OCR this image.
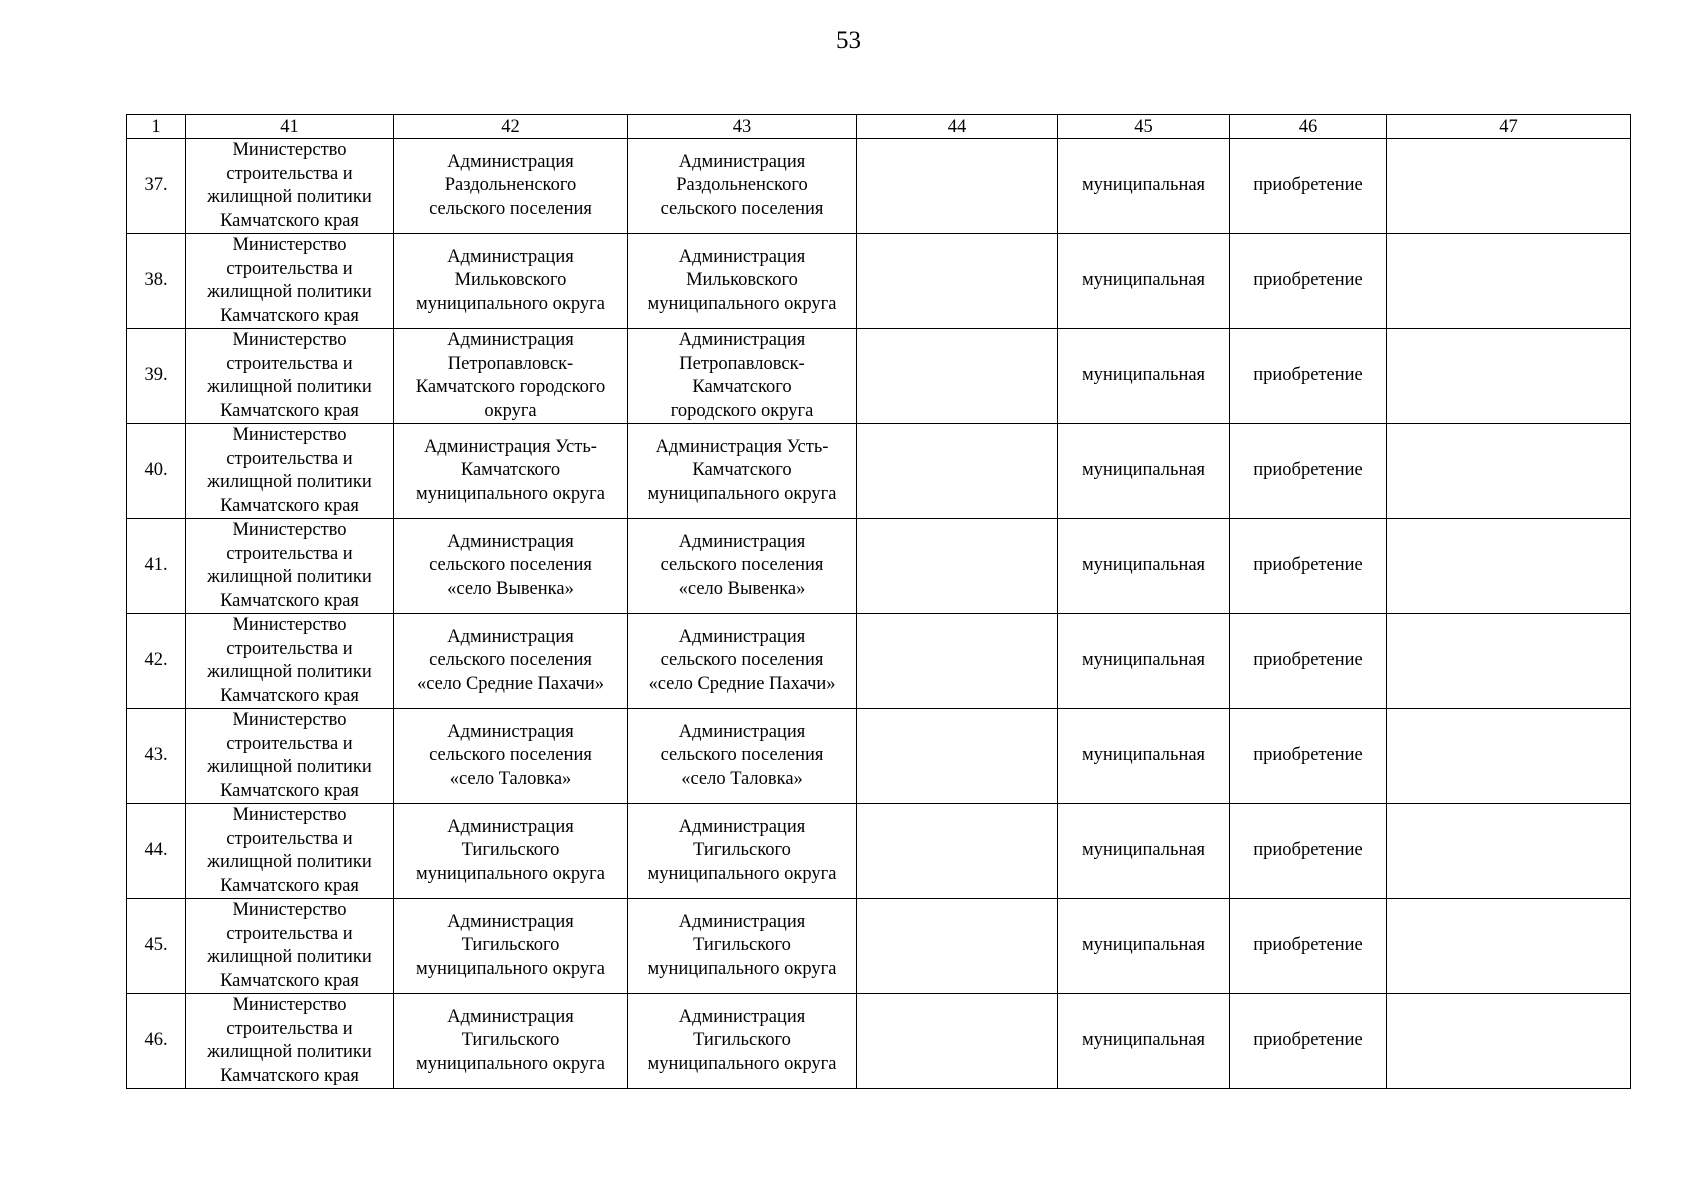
53
1	41	42	43	44	45	46	47
37.	Министерство
строительства и
жилищной политики
Камчатского края	Администрация
Раздольненского
сельского поселения	Администрация
Раздольненского
сельского поселения		муниципальная	приобретение	
38.	Министерство
строительства и
жилищной политики
Камчатского края	Администрация
Мильковского
муниципального округа	Администрация
Мильковского
муниципального округа		муниципальная	приобретение	
39.	Министерство
строительства и
жилищной политики
Камчатского края	Администрация
Петропавловск-
Камчатского городского
округа	Администрация
Петропавловск-
Камчатского
городского округа		муниципальная	приобретение	
40.	Министерство
строительства и
жилищной политики
Камчатского края	Администрация Усть-
Камчатского
муниципального округа	Администрация Усть-
Камчатского
муниципального округа		муниципальная	приобретение	
41.	Министерство
строительства и
жилищной политики
Камчатского края	Администрация
сельского поселения
«село Вывенка»	Администрация
сельского поселения
«село Вывенка»		муниципальная	приобретение	
42.	Министерство
строительства и
жилищной политики
Камчатского края	Администрация
сельского поселения
«село Средние Пахачи»	Администрация
сельского поселения
«село Средние Пахачи»		муниципальная	приобретение	
43.	Министерство
строительства и
жилищной политики
Камчатского края	Администрация
сельского поселения
«село Таловка»	Администрация
сельского поселения
«село Таловка»		муниципальная	приобретение	
44.	Министерство
строительства и
жилищной политики
Камчатского края	Администрация
Тигильского
муниципального округа	Администрация
Тигильского
муниципального округа		муниципальная	приобретение	
45.	Министерство
строительства и
жилищной политики
Камчатского края	Администрация
Тигильского
муниципального округа	Администрация
Тигильского
муниципального округа		муниципальная	приобретение	
46.	Министерство
строительства и
жилищной политики
Камчатского края	Администрация
Тигильского
муниципального округа	Администрация
Тигильского
муниципального округа		муниципальная	приобретение	
